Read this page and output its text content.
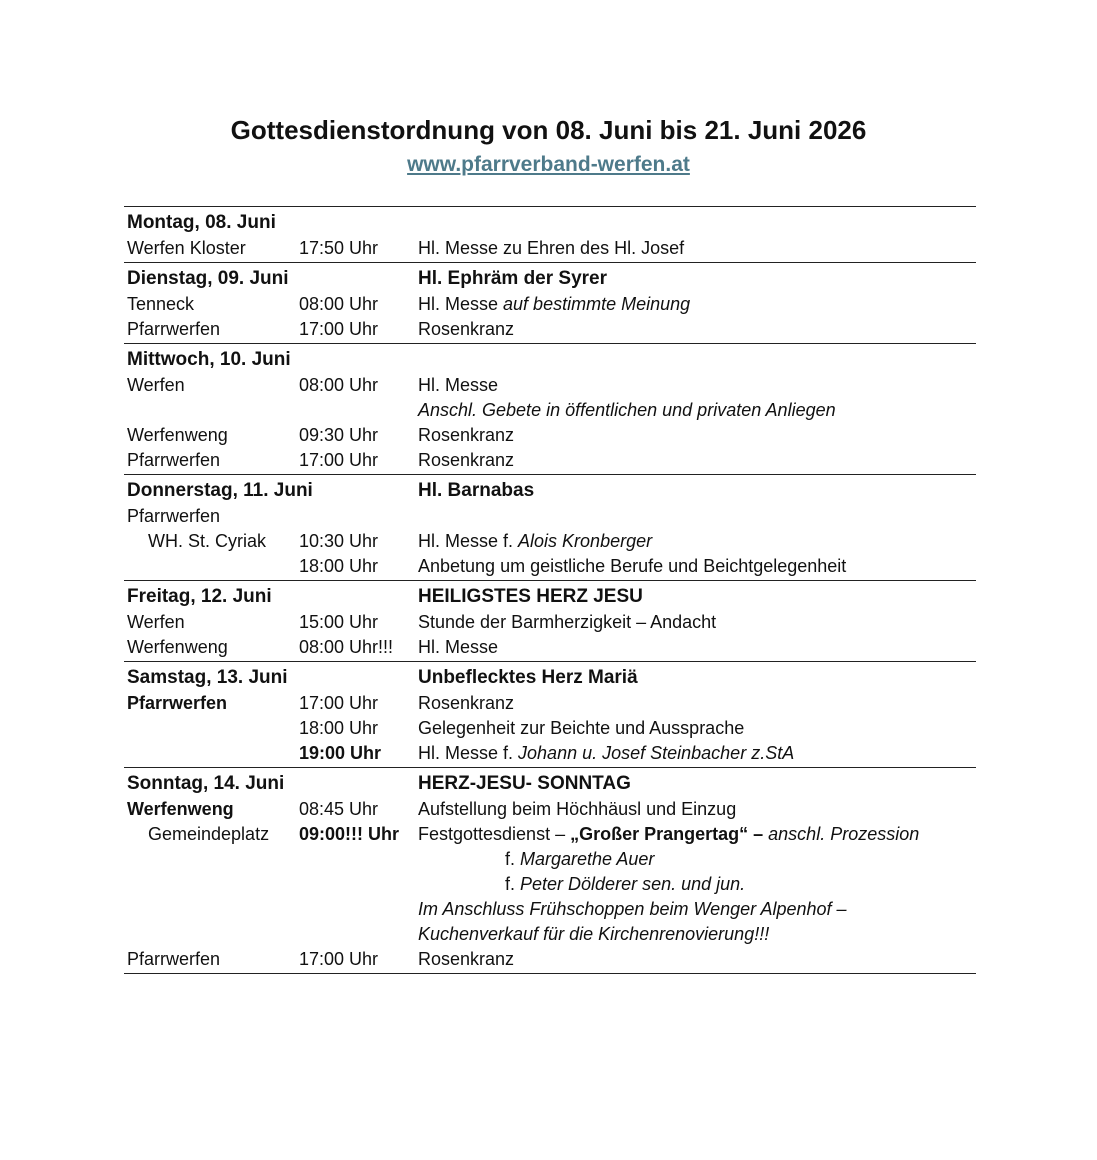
Gottesdienstordnung von 08. Juni bis 21. Juni 2026
www.pfarrverband-werfen.at
Montag, 08. Juni
Werfen Kloster	17:50 Uhr Hl. Messe zu Ehren des Hl. Josef
Dienstag, 09. Juni	Hl. Ephräm der Syrer
Tenneck	08:00 Uhr Hl. Messe auf bestimmte Meinung
Pfarrwerfen	17:00 Uhr Rosenkranz
Mittwoch, 10. Juni
Werfen	08:00 Uhr Hl. Messe
Anschl. Gebete in öffentlichen und privaten Anliegen
Werfenweng	09:30 Uhr Rosenkranz
Pfarrwerfen	17:00 Uhr Rosenkranz
Donnerstag, 11. Juni	Hl. Barnabas
Pfarrwerfen
WH. St. Cyriak 10:30 Uhr Hl. Messe f. Alois Kronberger
18:00 Uhr Anbetung um geistliche Berufe und Beichtgelegenheit
Freitag, 12. Juni	HEILIGSTES HERZ JESU
Werfen	15:00 Uhr Stunde der Barmherzigkeit – Andacht
Werfenweng	08:00 Uhr!!! Hl. Messe
Samstag, 13. Juni	Unbeflecktes Herz Mariä
Pfarrwerfen	17:00 Uhr Rosenkranz
18:00 Uhr Gelegenheit zur Beichte und Aussprache
19:00 Uhr Hl. Messe f. Johann u. Josef Steinbacher z.StA
Sonntag, 14. Juni	HERZ-JESU- SONNTAG
Werfenweng	08:45 Uhr Aufstellung beim Höchhäusl und Einzug
Gemeindeplatz 09:00!!! Uhr Festgottesdienst – „Großer Prangertag“ – anschl. Prozession
f. Margarethe Auer
f. Peter Dölderer sen. und jun.
Im Anschluss Frühschoppen beim Wenger Alpenhof –
Kuchenverkauf für die Kirchenrenovierung!!!
Pfarrwerfen	17:00 Uhr Rosenkranz
